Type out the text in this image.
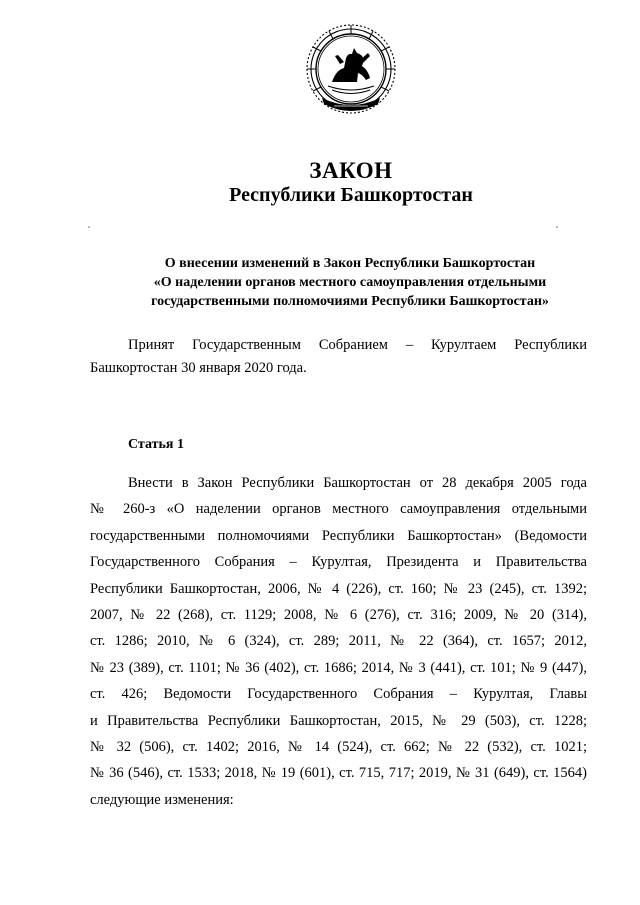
ЗАКОН
Республики Башкортостан
О внесении изменений в Закон Республики Башкортостан
«О наделении органов местного самоуправления отдельными
государственными полномочиями Республики Башкортостан»
Принят Государственным Собранием – Курултаем Республики
Башкортостан 30 января 2020 года.
Статья 1
Внести в Закон Республики Башкортостан от 28 декабря 2005 года
№ 260-з «О наделении органов местного самоуправления отдельными
государственными полномочиями Республики Башкортостан» (Ведомости
Государственного Собрания – Курултая, Президента и Правительства
Республики Башкортостан, 2006, № 4 (226), ст. 160; № 23 (245), ст. 1392;
2007, № 22 (268), ст. 1129; 2008, № 6 (276), ст. 316; 2009, № 20 (314),
ст. 1286; 2010, № 6 (324), ст. 289; 2011, № 22 (364), ст. 1657; 2012,
№ 23 (389), ст. 1101; № 36 (402), ст. 1686; 2014, № 3 (441), ст. 101; № 9 (447),
ст. 426; Ведомости Государственного Собрания – Курултая, Главы
и Правительства Республики Башкортостан, 2015, № 29 (503), ст. 1228;
№ 32 (506), ст. 1402; 2016, № 14 (524), ст. 662; № 22 (532), ст. 1021;
№ 36 (546), ст. 1533; 2018, № 19 (601), ст. 715, 717; 2019, № 31 (649), ст. 1564)
следующие изменения:
